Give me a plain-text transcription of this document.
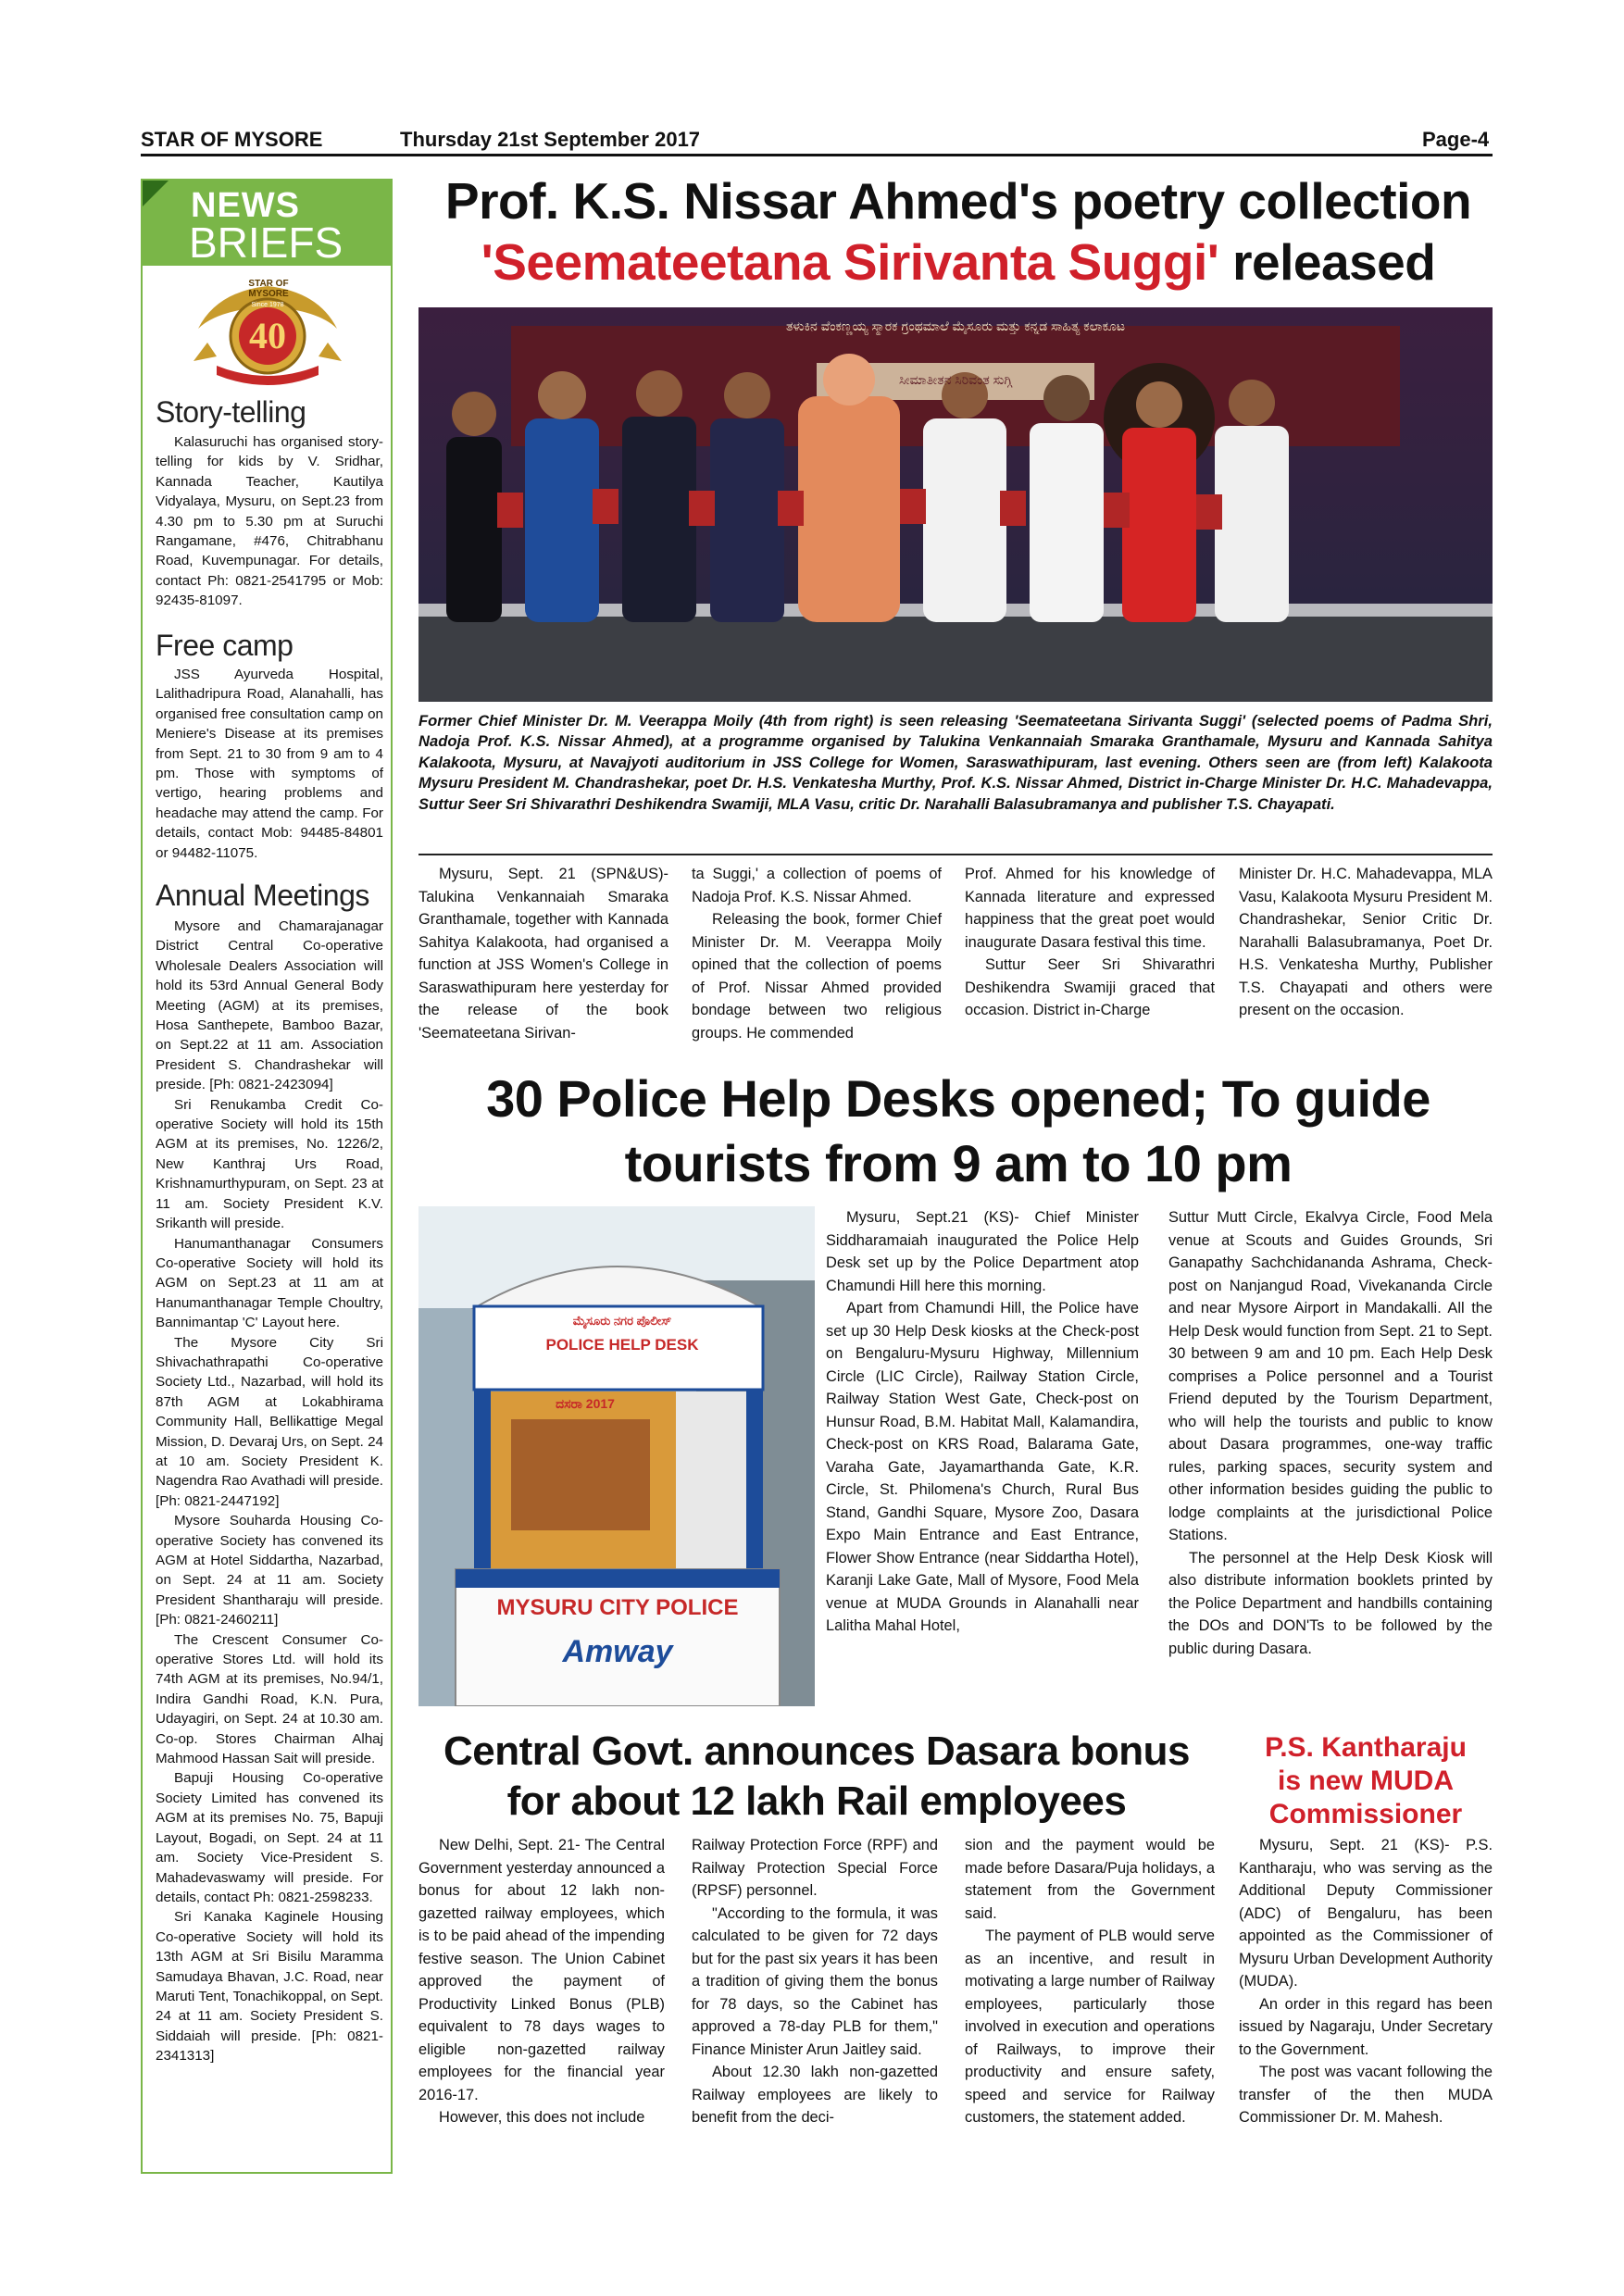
STAR OF MYSORE	Thursday 21st September 2017	Page-4
NEWS
BRIEFS
STAR OF MYSORE
40
Since 1978
Story-telling
Kalasuruchi has organised story-telling for kids by V. Sridhar, Kannada Teacher, Kautilya Vidyalaya, Mysuru, on Sept.23 from 4.30 pm to 5.30 pm at Suruchi Rangamane, #476, Chitrabhanu Road, Kuvempunagar. For details, contact Ph: 0821-2541795 or Mob: 92435-81097.
Free camp
JSS Ayurveda Hospital, Lalithadripura Road, Alanahalli, has organised free consultation camp on Meniere's Disease at its premises from Sept. 21 to 30 from 9 am to 4 pm. Those with symptoms of vertigo, hearing problems and headache may attend the camp. For details, contact Mob: 94485-84801 or 94482-11075.
Annual Meetings
Mysore and Chamarajanagar District Central Co-operative Wholesale Dealers Association will hold its 53rd Annual General Body Meeting (AGM) at its premises, Hosa Santhepete, Bamboo Bazar, on Sept.22 at 11 am. Association President S. Chandrashekar will preside. [Ph: 0821-2423094]
Sri Renukamba Credit Co-operative Society will hold its 15th AGM at its premises, No. 1226/2, New Kanthraj Urs Road, Krishnamurthypuram, on Sept. 23 at 11 am. Society President K.V. Srikanth will preside.
Hanumanthanagar Consumers Co-operative Society will hold its AGM on Sept.23 at 11 am at Hanumanthanagar Temple Choultry, Bannimantap 'C' Layout here.
The Mysore City Sri Shivachathrapathi Co-operative Society Ltd., Nazarbad, will hold its 87th AGM at Lokabhirama Community Hall, Bellikattige Megal Mission, D. Devaraj Urs, on Sept. 24 at 10 am. Society President K. Nagendra Rao Avathadi will preside. [Ph: 0821-2447192]
Mysore Souharda Housing Co-operative Society has convened its AGM at Hotel Siddartha, Nazarbad, on Sept. 24 at 11 am. Society President Shantharaju will preside. [Ph: 0821-2460211]
The Crescent Consumer Co-operative Stores Ltd. will hold its 74th AGM at its premises, No.94/1, Indira Gandhi Road, K.N. Pura, Udayagiri, on Sept. 24 at 10.30 am. Co-op. Stores Chairman Alhaj Mahmood Hassan Sait will preside.
Bapuji Housing Co-operative Society Limited has convened its AGM at its premises No. 75, Bapuji Layout, Bogadi, on Sept. 24 at 11 am. Society Vice-President S. Mahadevaswamy will preside. For details, contact Ph: 0821-2598233.
Sri Kanaka Kaginele Housing Co-operative Society will hold its 13th AGM at Sri Bisilu Maramma Samudaya Bhavan, J.C. Road, near Maruti Tent, Tonachikoppal, on Sept. 24 at 11 am. Society President S. Siddaiah will preside. [Ph: 0821-2341313]
Prof. K.S. Nissar Ahmed's poetry collection
'Seemateetana Sirivanta Suggi' released
ತಳುಕಿನ ವೆಂಕಣ್ಣಯ್ಯ ಸ್ಮಾರಕ ಗ್ರಂಥಮಾಲೆ ಮೈಸೂರು ಮತ್ತು ಕನ್ನಡ ಸಾಹಿತ್ಯ ಕಲಾಕೂಟ
ಸೀಮಾತೀತನ ಸಿರಿವಂತ ಸುಗ್ಗಿ
Former Chief Minister Dr. M. Veerappa Moily (4th from right) is seen releasing 'Seemateetana Sirivanta Suggi' (selected poems of Padma Shri, Nadoja Prof. K.S. Nissar Ahmed), at a programme organised by Talukina Venkannaiah Smaraka Granthamale, Mysuru and Kannada Sahitya Kalakoota, Mysuru, at Navajyoti auditorium in JSS College for Women, Saraswathipuram, last evening. Others seen are (from left) Kalakoota Mysuru President M. Chandrashekar, poet Dr. H.S. Venkatesha Murthy, Prof. K.S. Nissar Ahmed, District in-Charge Minister Dr. H.C. Mahadevappa, Suttur Seer Sri Shivarathri Deshikendra Swamiji, MLA Vasu, critic Dr. Narahalli Balasubramanya and publisher T.S. Chayapati.
Mysuru, Sept. 21 (SPN&US)- Talukina Venkannaiah Smaraka Granthamale, together with Kannada Sahitya Kalakoota, had organised a function at JSS Women's College in Saraswathipuram here yesterday for the release of the book 'Seemateetana Sirivan-
ta Suggi,' a collection of poems of Nadoja Prof. K.S. Nissar Ahmed.
Releasing the book, former Chief Minister Dr. M. Veerappa Moily opined that the collection of poems of Prof. Nissar Ahmed provided bondage between two religious groups. He commended
Prof. Ahmed for his knowledge of Kannada literature and expressed happiness that the great poet would inaugurate Dasara festival this time.
Suttur Seer Sri Shivarathri Deshikendra Swamiji graced that occasion. District in-Charge
Minister Dr. H.C. Mahadevappa, MLA Vasu, Kalakoota Mysuru President M. Chandrashekar, Senior Critic Dr. Narahalli Balasubramanya, Poet Dr. H.S. Venkatesha Murthy, Publisher T.S. Chayapati and others were present on the occasion.
30 Police Help Desks opened; To guide
tourists from 9 am to 10 pm
ಮೈಸೂರು ನಗರ ಪೊಲೀಸ್
POLICE HELP DESK
ದಸರಾ 2017
MYSURU CITY POLICE
Amway
Mysuru, Sept.21 (KS)- Chief Minister Siddharamaiah inaugurated the Police Help Desk set up by the Police Department atop Chamundi Hill here this morning.
Apart from Chamundi Hill, the Police have set up 30 Help Desk kiosks at the Check-post on Bengaluru-Mysuru Highway, Millennium Circle (LIC Circle), Railway Station Circle, Railway Station West Gate, Check-post on Hunsur Road, B.M. Habitat Mall, Kalamandira, Check-post on KRS Road, Balarama Gate, Varaha Gate, Jayamarthanda Gate, K.R. Circle, St. Philomena's Church, Rural Bus Stand, Gandhi Square, Mysore Zoo, Dasara Expo Main Entrance and East Entrance, Flower Show Entrance (near Siddartha Hotel), Karanji Lake Gate, Mall of Mysore, Food Mela venue at MUDA Grounds in Alanahalli near Lalitha Mahal Hotel,
Suttur Mutt Circle, Ekalvya Circle, Food Mela venue at Scouts and Guides Grounds, Sri Ganapathy Sachchidananda Ashrama, Check-post on Nanjangud Road, Vivekananda Circle and near Mysore Airport in Mandakalli. All the Help Desk would function from Sept. 21 to Sept. 30 between 9 am and 10 pm. Each Help Desk comprises a Police personnel and a Tourist Friend deputed by the Tourism Department, who will help the tourists and public to know about Dasara programmes, one-way traffic rules, parking spaces, security system and other information besides guiding the public to lodge complaints at the jurisdictional Police Stations.
The personnel at the Help Desk Kiosk will also distribute information booklets printed by the Police Department and handbills containing the DOs and DON'Ts to be followed by the public during Dasara.
Central Govt. announces Dasara bonus
for about 12 lakh Rail employees
New Delhi, Sept. 21- The Central Government yesterday announced a bonus for about 12 lakh non-gazetted railway employees, which is to be paid ahead of the impending festive season. The Union Cabinet approved the payment of Productivity Linked Bonus (PLB) equivalent to 78 days wages to eligible non-gazetted railway employees for the financial year 2016-17.
However, this does not include
Railway Protection Force (RPF) and Railway Protection Special Force (RPSF) personnel.
"According to the formula, it was calculated to be given for 72 days but for the past six years it has been a tradition of giving them the bonus for 78 days, so the Cabinet has approved a 78-day PLB for them," Finance Minister Arun Jaitley said.
About 12.30 lakh non-gazetted Railway employees are likely to benefit from the deci-
sion and the payment would be made before Dasara/Puja holidays, a statement from the Government said.
The payment of PLB would serve as an incentive, and result in motivating a large number of Railway employees, particularly those involved in execution and operations of Railways, to improve their productivity and ensure safety, speed and service for Railway customers, the statement added.
P.S. Kantharaju
is new MUDA
Commissioner
Mysuru, Sept. 21 (KS)- P.S. Kantharaju, who was serving as the Additional Deputy Commissioner (ADC) of Bengaluru, has been appointed as the Commissioner of Mysuru Urban Development Authority (MUDA).
An order in this regard has been issued by Nagaraju, Under Secretary to the Government.
The post was vacant following the transfer of the then MUDA Commissioner Dr. M. Mahesh.
